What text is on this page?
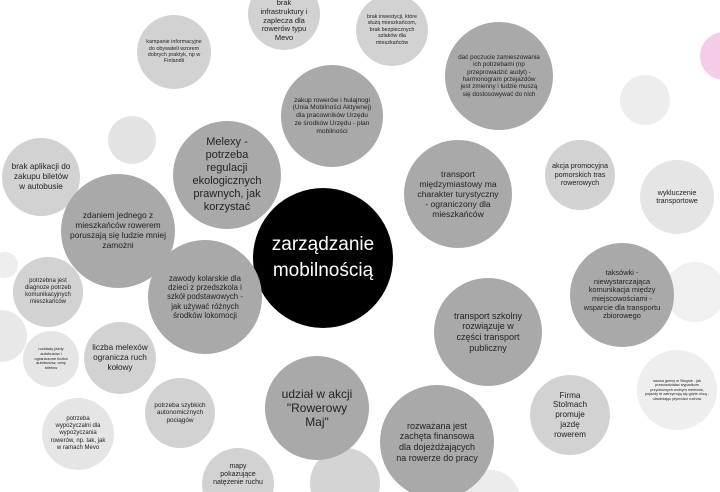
zarządzanie mobilnością
brak infrastruktury i zaplecza dla rowerów typu Mevo
kampanie informacyjne do obywateli wzorem dobrych praktyk, np w Finlandii
brak inwestycji, które służą mieszkańcom, brak bezpiecznych szlaków dla mieszkańców
dać poczucie zamieszowania ich potrzebami (np przeprowadzić audyt) - harmonogram przejazdów jest zmienny i ludzie muszą się dostosowywać do nich
zakup rowerów i hulajnogi (Unia Mobilności Aktywnej) dla pracowników Urzędu ze środków Urzędu - plan mobilności
Melexy - potrzeba regulacji ekologicznych prawnych, jak korzystać
brak aplikacji do zakupu biletów w autobusie
transport międzymiastowy ma charakter turystyczny - ograniczony dla mieszkańców
akcja promocyjna pomorskich tras rowerowych
wykluczenie transportowe
zdaniem jednego z mieszkańców rowerem poruszają się ludzie mniej zamożni
taksówki - niewystarczająca komunikacja między miejscowościami - wsparcie dla transportu zbiorowego
potrzebna jest diagnoze potrzeb komunikacyjnych mieszkańców
zawody kolarskie dla dzieci z przedszkola i szkół podstawowych - jak używać różnych środków lokomocji	transport szkolny rozwiązuje w części transport publiczny
rozkłady jazdy autobusów i ograniczone liczba autobusów, ceny biletów
liczba melexów ogranicza ruch kołowy
nazwa gminy w Stegnie - jak przeciwdziałać wypadkom przydrożnych wolnym melexów, pojazdy te zatrzymują się gdzie chcą - utrudniając płynności ruchów
udział w akcji "Rowerowy Maj"
potrzeba szybkich autonomicznych pociągów
Firma Stolmach promuje jazdę rowerem
potrzeba wypożyczalni dla wypożyczania rowerów, np. tak, jak w ramach Mevo
rozważana jest zachęta finansowa dla dojeżdżających na rowerze do pracy
mapy pokazujące natężenie ruchu
